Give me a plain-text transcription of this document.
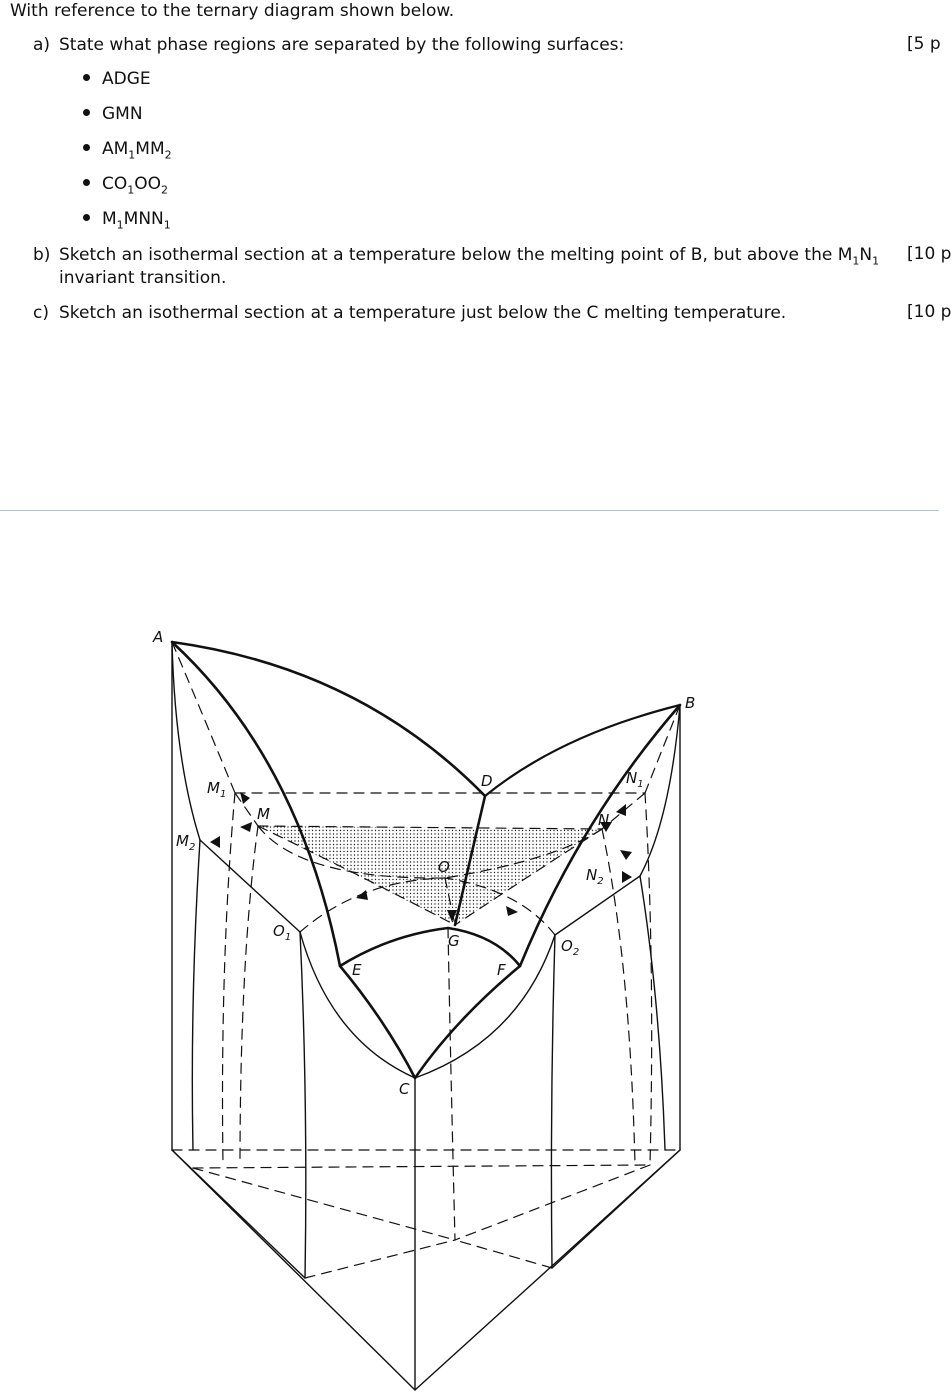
With reference to the ternary diagram shown below.
a) State what phase regions are separated by the following surfaces:	[5 p
ADGE
GMN
$AM_1MM_2$
$CO_1OO_2$
$M_1MNN_1$
b) Sketch an isothermal section at a temperature below the melting point of B, but above the $M_1N_1$
invariant transition.
[10 p
c) Sketch an isothermal section at a temperature just below the C melting temperature.	[10 p
A
B
C
D
E	F
G
M	N
O
$M_1$
$M_2$
$N_1$
$N_2$
$O_1$	$O_2$
